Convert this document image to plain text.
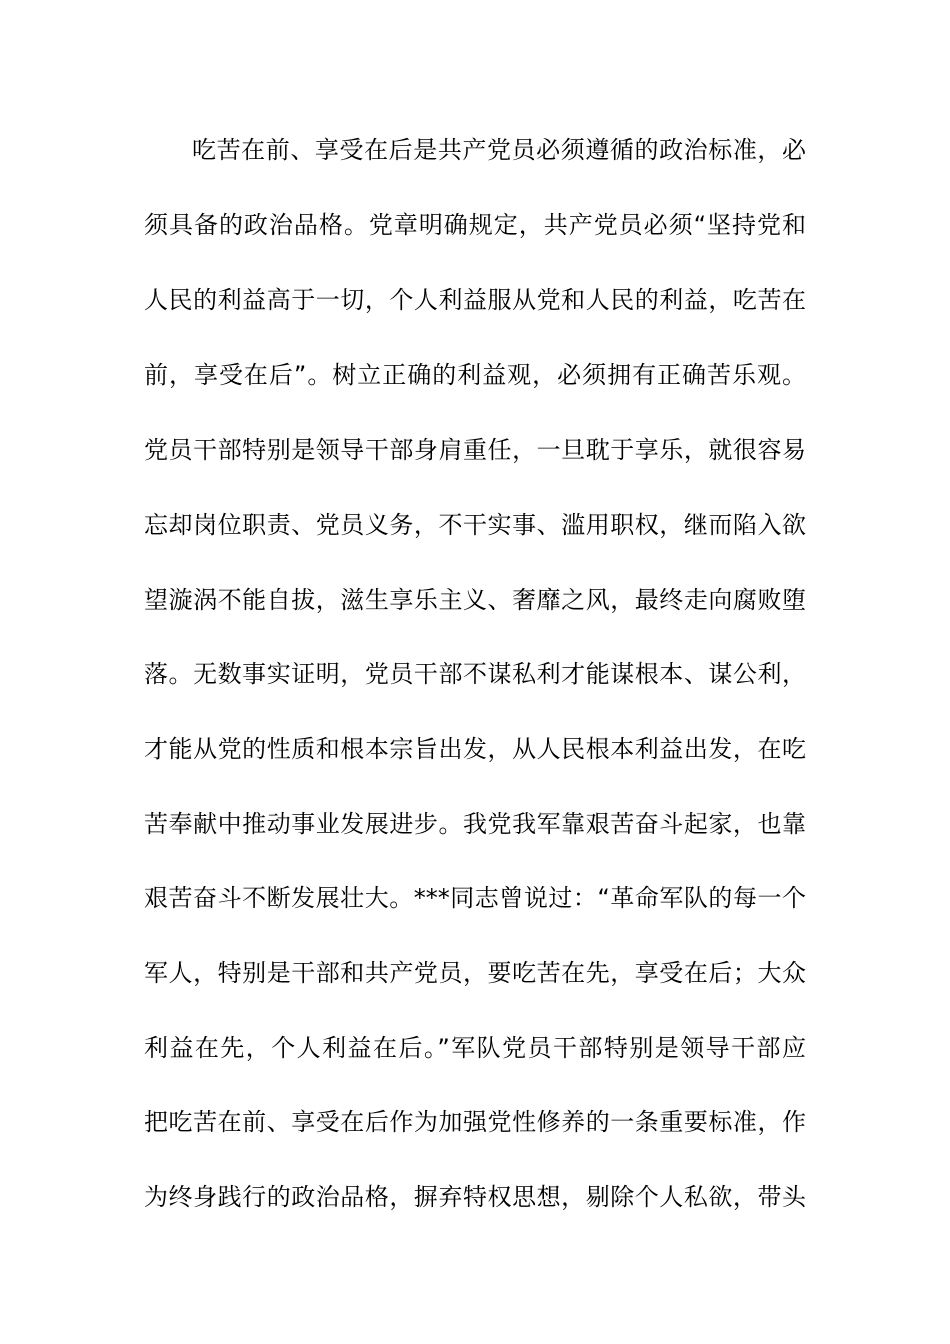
吃苦在前、享受在后是共产党员必须遵循的政治标准，必
须具备的政治品格。党章明确规定，共产党员必须“坚持党和
人民的利益高于一切，个人利益服从党和人民的利益，吃苦在
前，享受在后”。树立正确的利益观，必须拥有正确苦乐观。
党员干部特别是领导干部身肩重任，一旦耽于享乐，就很容易
忘却岗位职责、党员义务，不干实事、滥用职权，继而陷入欲
望漩涡不能自拔，滋生享乐主义、奢靡之风，最终走向腐败堕
落。无数事实证明，党员干部不谋私利才能谋根本、谋公利，
才能从党的性质和根本宗旨出发，从人民根本利益出发，在吃
苦奉献中推动事业发展进步。我党我军靠艰苦奋斗起家，也靠
艰苦奋斗不断发展壮大。***同志曾说过：“革命军队的每一个
军人，特别是干部和共产党员，要吃苦在先，享受在后；大众
利益在先，个人利益在后。”军队党员干部特别是领导干部应
把吃苦在前、享受在后作为加强党性修养的一条重要标准，作
为终身践行的政治品格，摒弃特权思想，剔除个人私欲，带头
